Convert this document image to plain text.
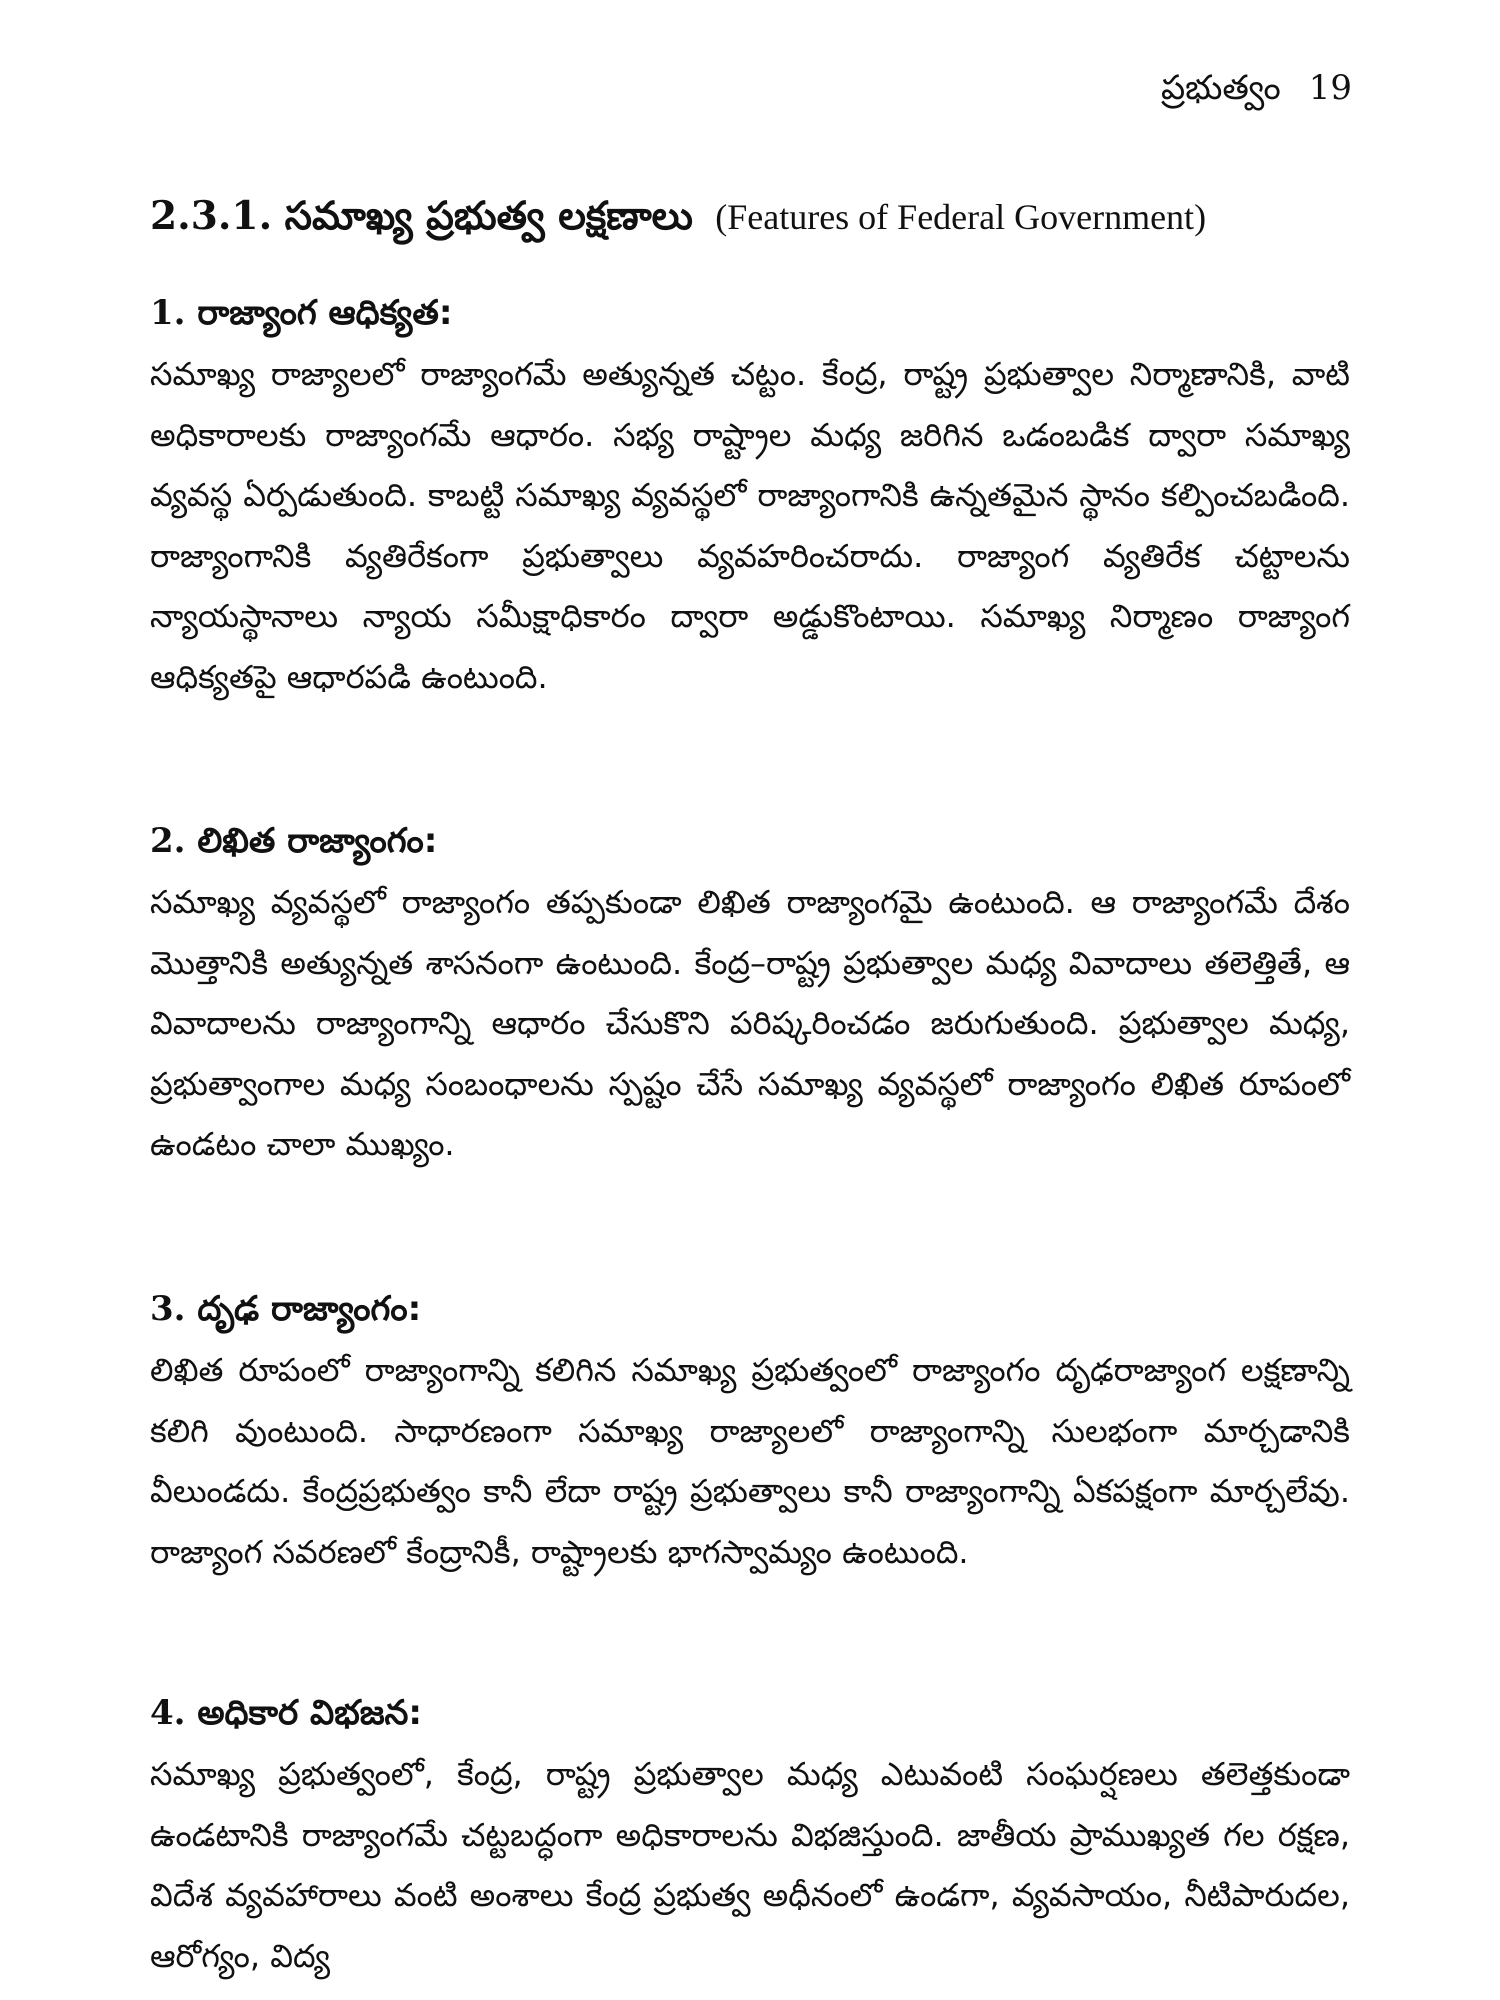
ప్రభుత్వం 19
2.3.1. సమాఖ్య ప్రభుత్వ లక్షణాలు (Features of Federal Government)

1. రాజ్యాంగ ఆధిక్యత:

సమాఖ్య రాజ్యాలలో రాజ్యాంగమే అత్యున్నత చట్టం. కేంద్ర, రాష్ట్ర ప్రభుత్వాల నిర్మాణానికి, వాటి అధికారాలకు రాజ్యాంగమే ఆధారం. సభ్య రాష్ట్రాల మధ్య జరిగిన ఒడంబడిక ద్వారా సమాఖ్య వ్యవస్థ ఏర్పడుతుంది. కాబట్టి సమాఖ్య వ్యవస్థలో రాజ్యాంగానికి ఉన్నతమైన స్థానం కల్పించబడింది. రాజ్యాంగానికి వ్యతిరేకంగా ప్రభుత్వాలు వ్యవహరించరాదు. రాజ్యాంగ వ్యతిరేక చట్టాలను న్యాయస్థానాలు న్యాయ సమీక్షాధికారం ద్వారా అడ్డుకొంటాయి. సమాఖ్య నిర్మాణం రాజ్యాంగ ఆధిక్యతపై ఆధారపడి ఉంటుంది.

2. లిఖిత రాజ్యాంగం:

సమాఖ్య వ్యవస్థలో రాజ్యాంగం తప్పకుండా లిఖిత రాజ్యాంగమై ఉంటుంది. ఆ రాజ్యాంగమే దేశం మొత్తానికి అత్యున్నత శాసనంగా ఉంటుంది. కేంద్ర–రాష్ట్ర ప్రభుత్వాల మధ్య వివాదాలు తలెత్తితే, ఆ వివాదాలను రాజ్యాంగాన్ని ఆధారం చేసుకొని పరిష్కరించడం జరుగుతుంది. ప్రభుత్వాల మధ్య, ప్రభుత్వాంగాల మధ్య సంబంధాలను స్పష్టం చేసే సమాఖ్య వ్యవస్థలో రాజ్యాంగం లిఖిత రూపంలో ఉండటం చాలా ముఖ్యం.

3. దృఢ రాజ్యాంగం:

లిఖిత రూపంలో రాజ్యాంగాన్ని కలిగిన సమాఖ్య ప్రభుత్వంలో రాజ్యాంగం దృఢరాజ్యాంగ లక్షణాన్ని కలిగి వుంటుంది. సాధారణంగా సమాఖ్య రాజ్యాలలో రాజ్యాంగాన్ని సులభంగా మార్చడానికి వీలుండదు. కేంద్రప్రభుత్వం కానీ లేదా రాష్ట్ర ప్రభుత్వాలు కానీ రాజ్యాంగాన్ని ఏకపక్షంగా మార్చలేవు. రాజ్యాంగ సవరణలో కేంద్రానికీ, రాష్ట్రాలకు భాగస్వామ్యం ఉంటుంది.

4. అధికార విభజన:

సమాఖ్య ప్రభుత్వంలో, కేంద్ర, రాష్ట్ర ప్రభుత్వాల మధ్య ఎటువంటి సంఘర్షణలు తలెత్తకుండా ఉండటానికి రాజ్యాంగమే చట్టబద్ధంగా అధికారాలను విభజిస్తుంది. జాతీయ ప్రాముఖ్యత గల రక్షణ, విదేశ వ్యవహారాలు వంటి అంశాలు కేంద్ర ప్రభుత్వ అధీనంలో ఉండగా, వ్యవసాయం, నీటిపారుదల, ఆరోగ్యం, విద్య
